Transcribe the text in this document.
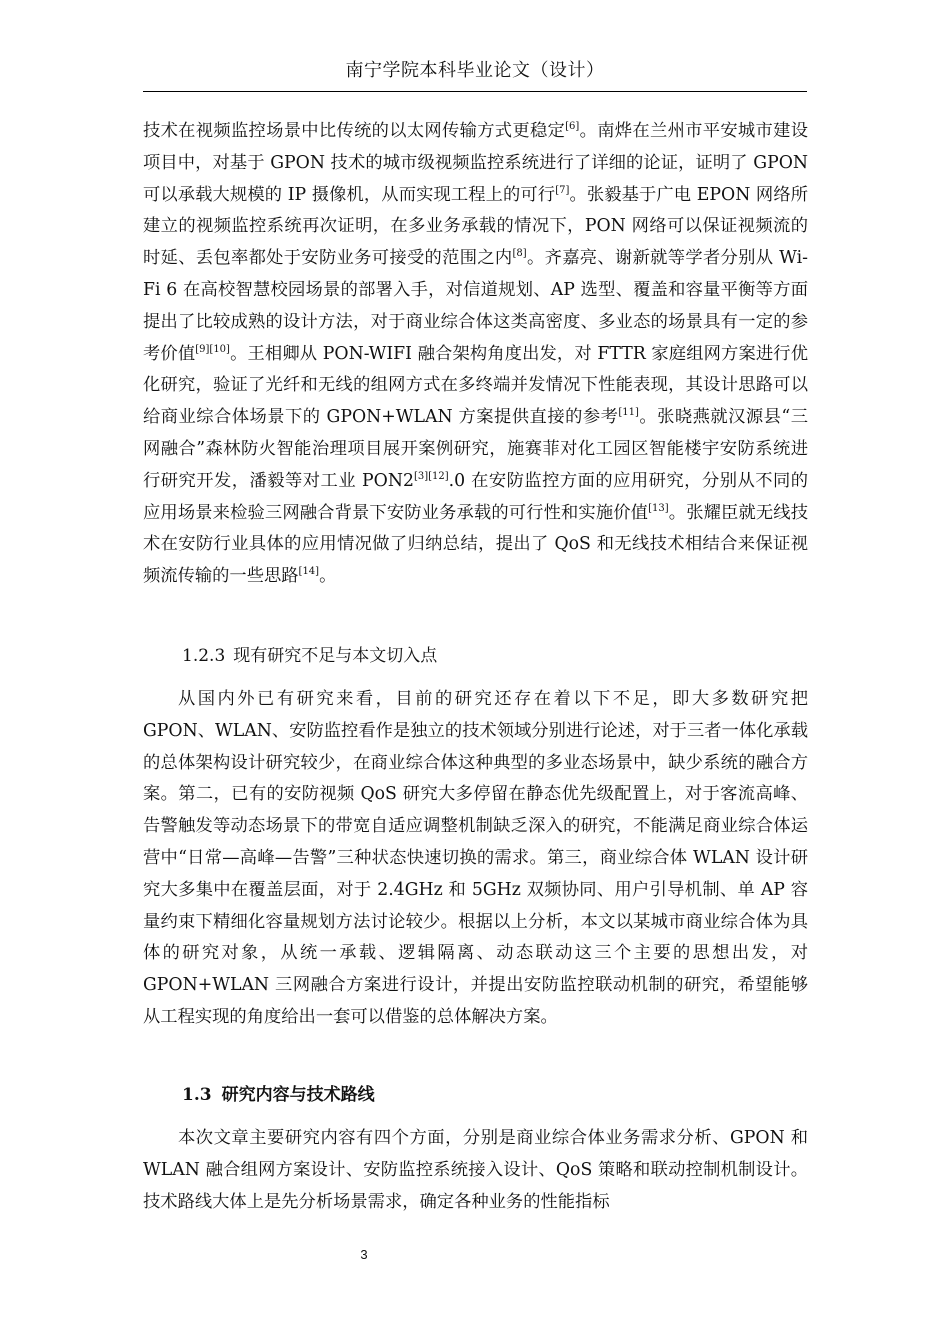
南宁学院本科毕业论文（设计）

技术在视频监控场景中比传统的以太网传输方式更稳定[6]。南烨在兰州市平安城市建设项目中，对基于 GPON 技术的城市级视频监控系统进行了详细的论证，证明了 GPON 可以承载大规模的 IP 摄像机，从而实现工程上的可行[7]。张毅基于广电 EPON 网络所建立的视频监控系统再次证明，在多业务承载的情况下，PON 网络可以保证视频流的时延、丢包率都处于安防业务可接受的范围之内[8]。齐嘉亮、谢新就等学者分别从 Wi-Fi 6 在高校智慧校园场景的部署入手，对信道规划、AP 选型、覆盖和容量平衡等方面提出了比较成熟的设计方法，对于商业综合体这类高密度、多业态的场景具有一定的参考价值[9][10]。王相卿从 PON-WIFI 融合架构角度出发，对 FTTR 家庭组网方案进行优化研究，验证了光纤和无线的组网方式在多终端并发情况下性能表现，其设计思路可以给商业综合体场景下的 GPON+WLAN 方案提供直接的参考[11]。张晓燕就汉源县“三网融合”森林防火智能治理项目展开案例研究，施赛菲对化工园区智能楼宇安防系统进行研究开发，潘毅等对工业 PON2[3][12].0 在安防监控方面的应用研究，分别从不同的应用场景来检验三网融合背景下安防业务承载的可行性和实施价值[13]。张耀臣就无线技术在安防行业具体的应用情况做了归纳总结，提出了 QoS 和无线技术相结合来保证视频流传输的一些思路[14]。

1.2.3 现有研究不足与本文切入点

从国内外已有研究来看，目前的研究还存在着以下不足，即大多数研究把 GPON、WLAN、安防监控看作是独立的技术领域分别进行论述，对于三者一体化承载的总体架构设计研究较少，在商业综合体这种典型的多业态场景中，缺少系统的融合方案。第二，已有的安防视频 QoS 研究大多停留在静态优先级配置上，对于客流高峰、告警触发等动态场景下的带宽自适应调整机制缺乏深入的研究，不能满足商业综合体运营中“日常—高峰—告警”三种状态快速切换的需求。第三，商业综合体 WLAN 设计研究大多集中在覆盖层面，对于 2.4GHz 和 5GHz 双频协同、用户引导机制、单 AP 容量约束下精细化容量规划方法讨论较少。根据以上分析，本文以某城市商业综合体为具体的研究对象，从统一承载、逻辑隔离、动态联动这三个主要的思想出发，对 GPON+WLAN 三网融合方案进行设计，并提出安防监控联动机制的研究，希望能够从工程实现的角度给出一套可以借鉴的总体解决方案。

1.3 研究内容与技术路线

本次文章主要研究内容有四个方面，分别是商业综合体业务需求分析、GPON 和 WLAN 融合组网方案设计、安防监控系统接入设计、QoS 策略和联动控制机制设计。技术路线大体上是先分析场景需求，确定各种业务的性能指标

3
